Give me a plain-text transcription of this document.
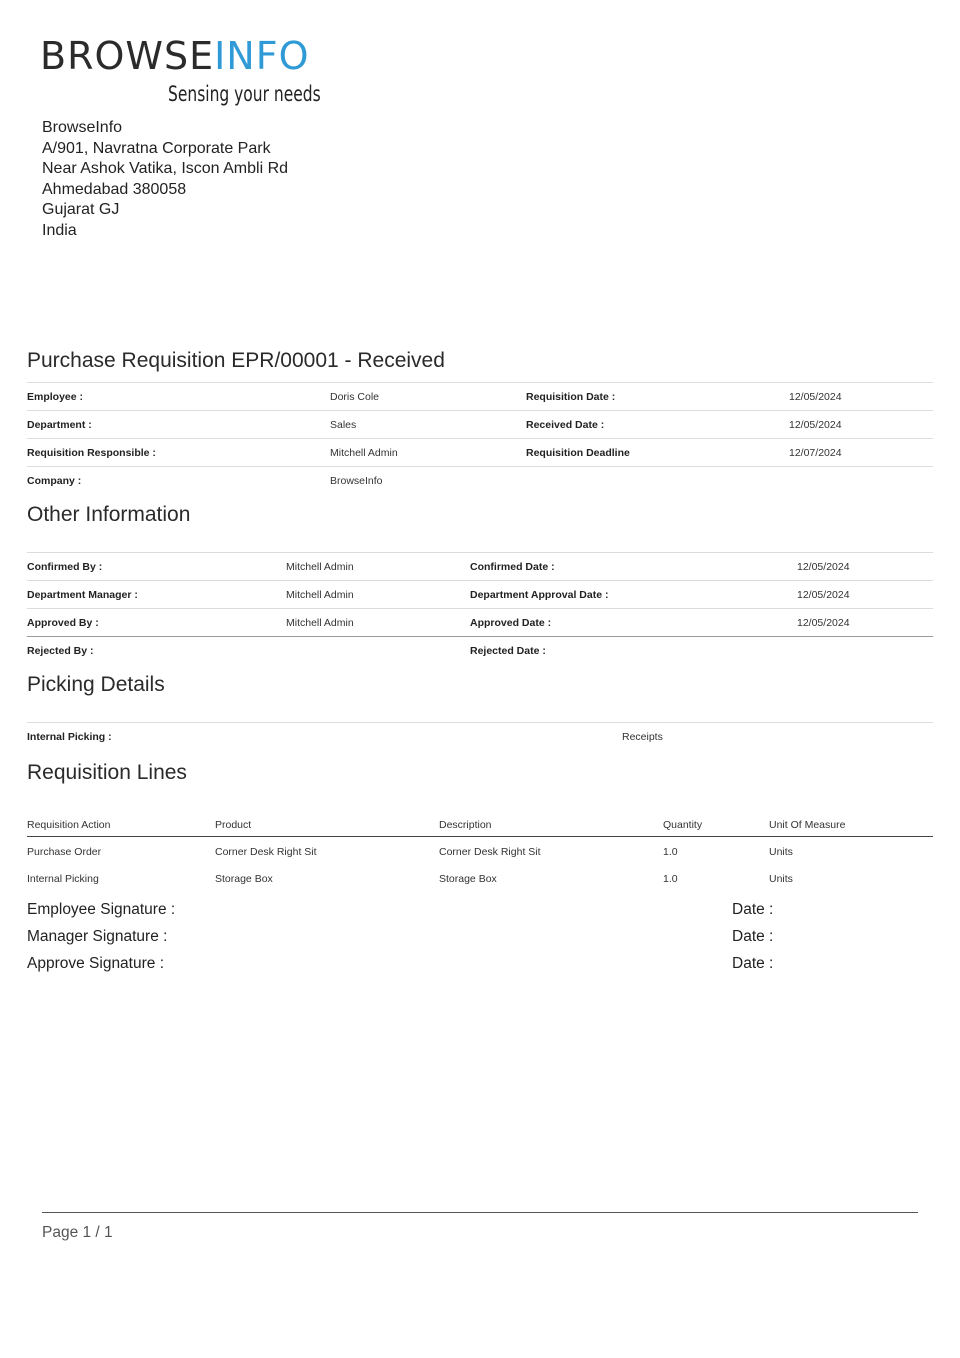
BROWSEINFO
Sensing your needs
BrowseInfo
A/901, Navratna Corporate Park
Near Ashok Vatika, Iscon Ambli Rd
Ahmedabad 380058
Gujarat GJ
India
Purchase Requisition EPR/00001 - Received
Employee :	Doris Cole	Requisition Date :	12/05/2024
Department :	Sales	Received Date :	12/05/2024
Requisition Responsible :	Mitchell Admin	Requisition Deadline	12/07/2024
Company :	BrowseInfo
Other Information
Confirmed By :	Mitchell Admin	Confirmed Date :	12/05/2024
Department Manager :	Mitchell Admin	Department Approval Date :	12/05/2024
Approved By :	Mitchell Admin	Approved Date :	12/05/2024
Rejected By :	Rejected Date :
Picking Details
Internal Picking :	Receipts
Requisition Lines
Requisition Action	Product	Description	Quantity	Unit Of Measure
Purchase Order	Corner Desk Right Sit	Corner Desk Right Sit	1.0	Units
Internal Picking	Storage Box	Storage Box	1.0	Units
Employee Signature :	Date :
Manager Signature :	Date :
Approve Signature :	Date :
Page 1 / 1
